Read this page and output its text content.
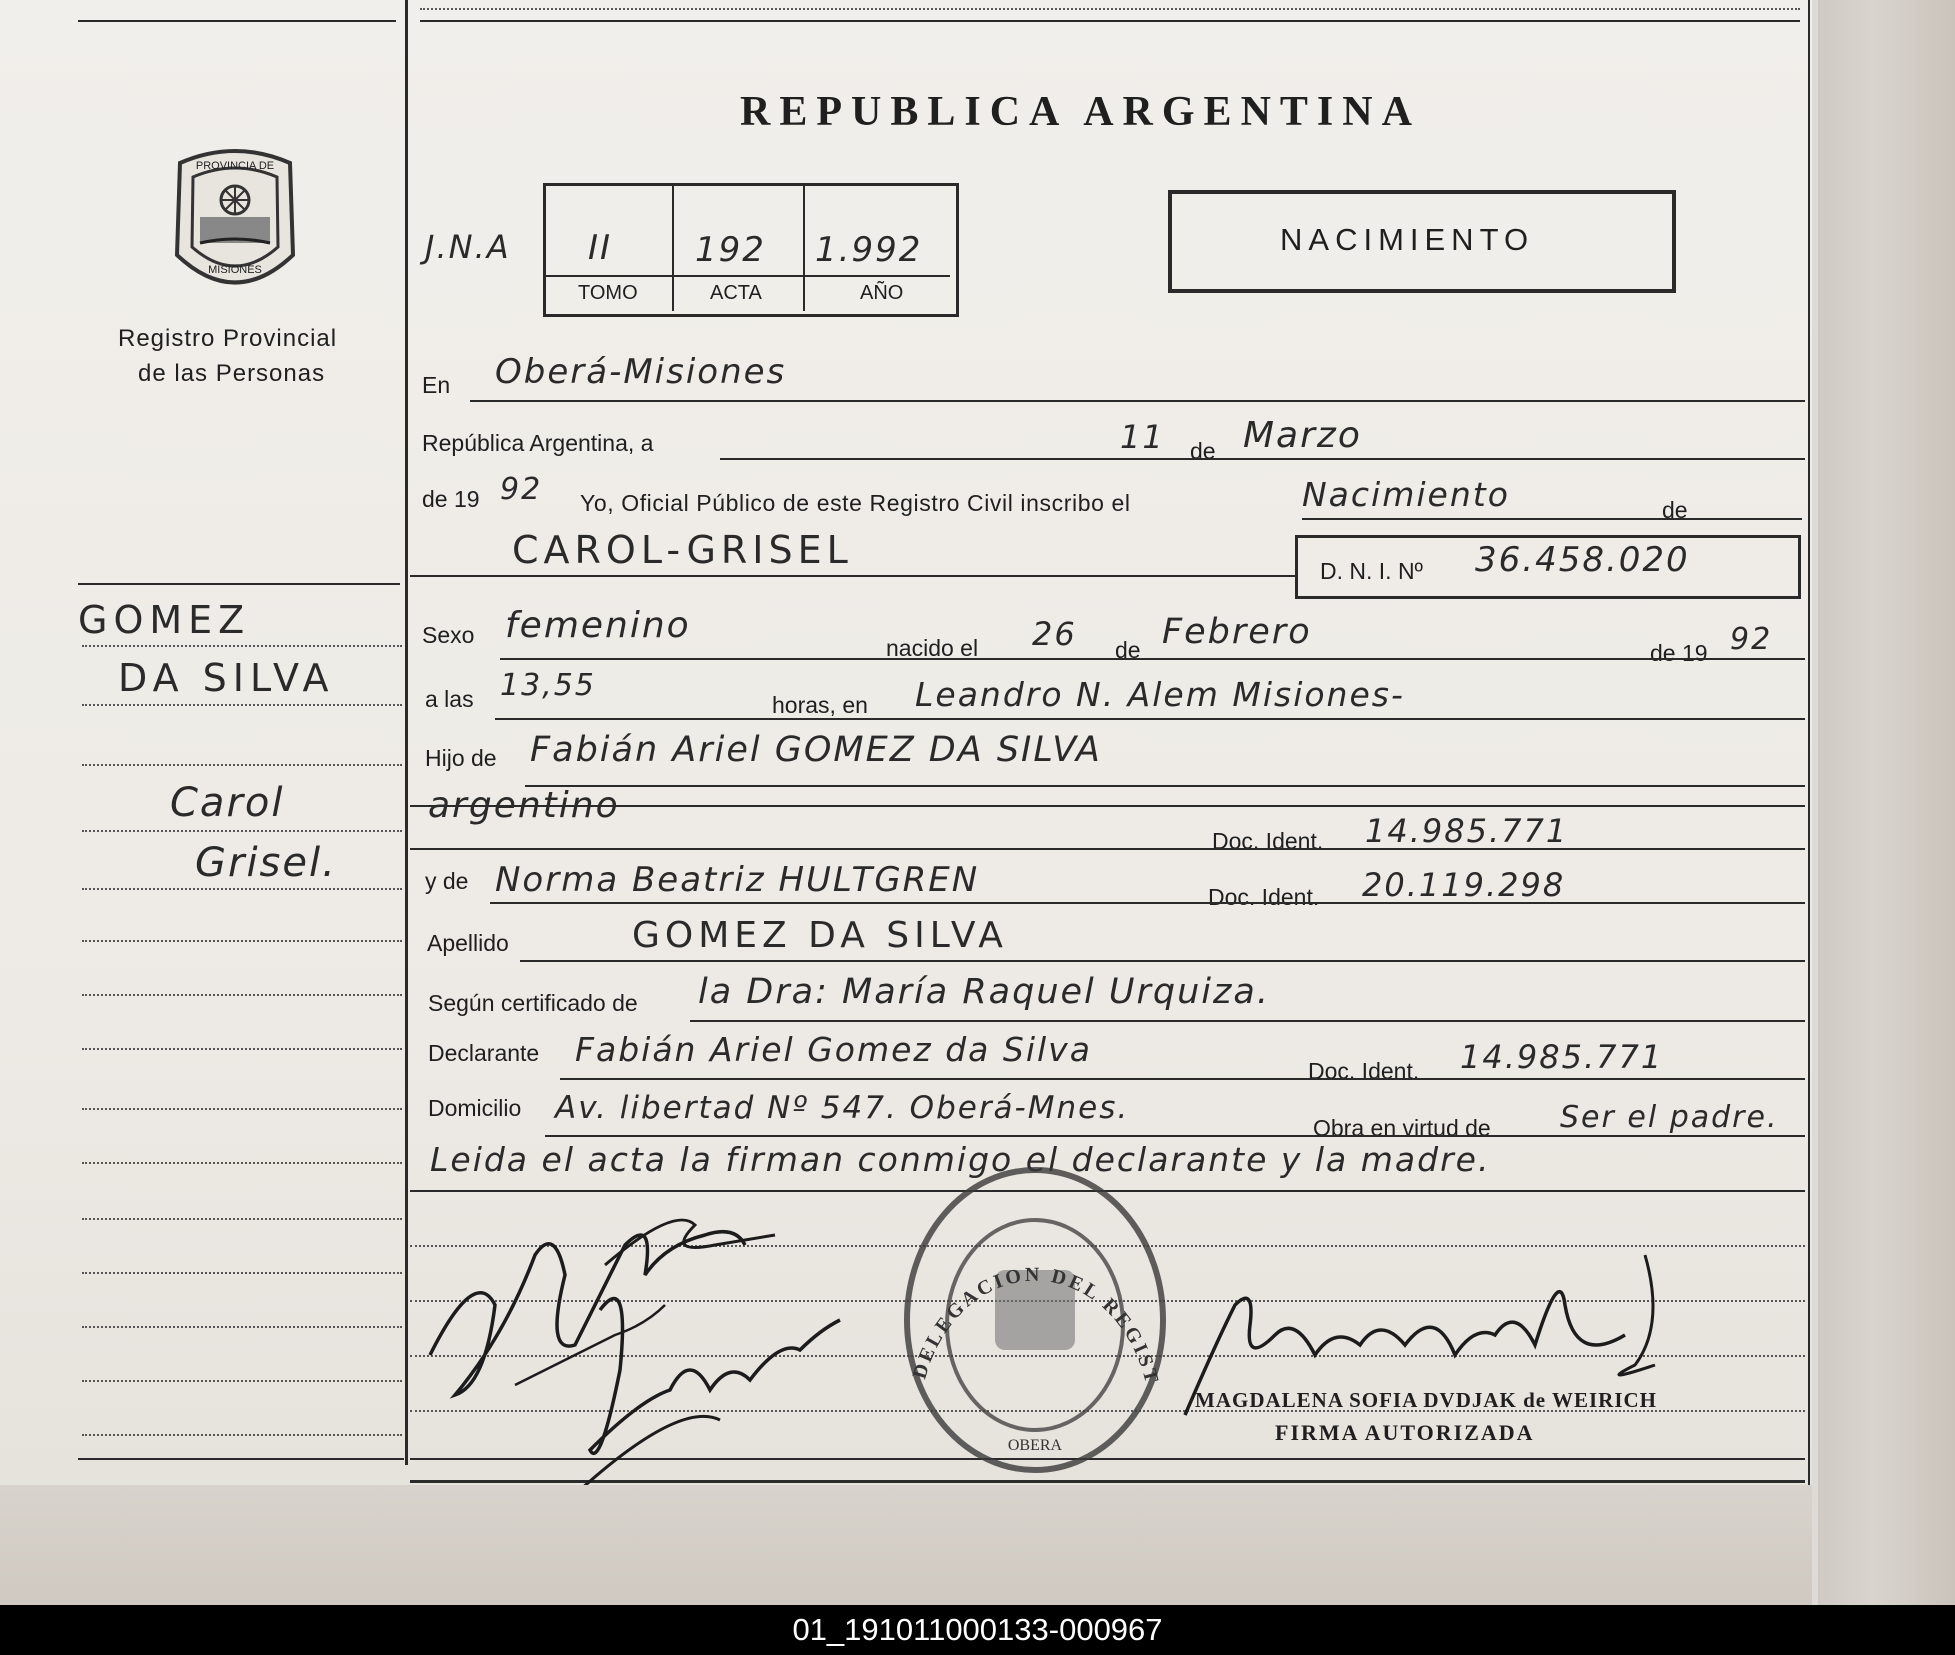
REPUBLICA ARGENTINA
PROVINCIA DE
MISIONES
Registro Provincial
de las Personas
J.N.A II 192 1.992
TOMO	ACTA	AÑO
NACIMIENTO
En Oberá-Misiones
República Argentina, a	11 de Marzo
de 19 92 Yo, Oficial Público de este Registro Civil inscribo el	Nacimiento	de
CAROL-GRISEL	D. N. I. Nº 36.458.020
GOMEZ
DA SILVA
Carol
Grisel.
Sexo femenino
nacido el 26 de Febrero
de 19 92
a las 13,55
horas, en Leandro N. Alem Misiones-
Hijo de Fabián Ariel GOMEZ DA SILVA
argentino
Doc. Ident. 14.985.771
y de Norma Beatriz HULTGREN	Doc. Ident. 20.119.298
Apellido	GOMEZ DA SILVA
Según certificado de la Dra: María Raquel Urquiza.
Declarante Fabián Ariel Gomez da Silva
Doc. Ident. 14.985.771
Domicilio Av. libertad Nº 547. Oberá-Mnes.
Obra en virtud de Ser el padre.
Leida el acta la firman conmigo el declarante y la madre.
DELEGACION DEL REGIST
OBERA
MAGDALENA SOFIA DVDJAK de WEIRICH
FIRMA AUTORIZADA
01_191011000133-000967
